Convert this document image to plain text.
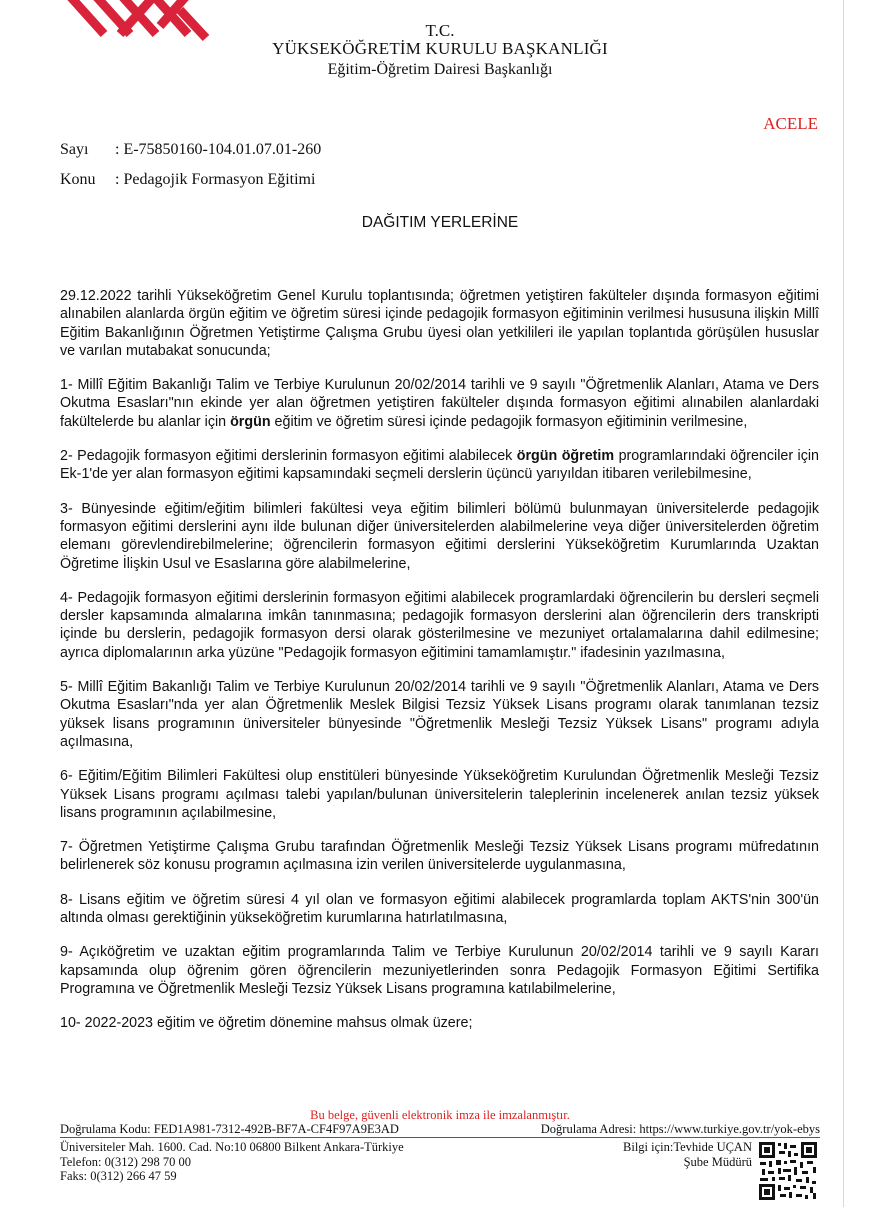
T.C.
YÜKSEKÖĞRETİM KURULU BAŞKANLIĞI
Eğitim-Öğretim Dairesi Başkanlığı
ACELE
Sayı : E-75850160-104.01.07.01-260
Konu : Pedagojik Formasyon Eğitimi
DAĞITIM YERLERİNE

29.12.2022 tarihli Yükseköğretim Genel Kurulu toplantısında; öğretmen yetiştiren fakülteler dışında formasyon eğitimi alınabilen alanlarda örgün eğitim ve öğretim süresi içinde pedagojik formasyon eğitiminin verilmesi hususuna ilişkin Millî Eğitim Bakanlığının Öğretmen Yetiştirme Çalışma Grubu üyesi olan yetkilileri ile yapılan toplantıda görüşülen hususlar ve varılan mutabakat sonucunda;

1- Millî Eğitim Bakanlığı Talim ve Terbiye Kurulunun 20/02/2014 tarihli ve 9 sayılı "Öğretmenlik Alanları, Atama ve Ders Okutma Esasları"nın ekinde yer alan öğretmen yetiştiren fakülteler dışında formasyon eğitimi alınabilen alanlardaki fakültelerde bu alanlar için örgün eğitim ve öğretim süresi içinde pedagojik formasyon eğitiminin verilmesine,

2- Pedagojik formasyon eğitimi derslerinin formasyon eğitimi alabilecek örgün öğretim programlarındaki öğrenciler için Ek-1'de yer alan formasyon eğitimi kapsamındaki seçmeli derslerin üçüncü yarıyıldan itibaren verilebilmesine,

3- Bünyesinde eğitim/eğitim bilimleri fakültesi veya eğitim bilimleri bölümü bulunmayan üniversitelerde pedagojik formasyon eğitimi derslerini aynı ilde bulunan diğer üniversitelerden alabilmelerine veya diğer üniversitelerden öğretim elemanı görevlendirebilmelerine; öğrencilerin formasyon eğitimi derslerini Yükseköğretim Kurumlarında Uzaktan Öğretime İlişkin Usul ve Esaslarına göre alabilmelerine,

4- Pedagojik formasyon eğitimi derslerinin formasyon eğitimi alabilecek programlardaki öğrencilerin bu dersleri seçmeli dersler kapsamında almalarına imkân tanınmasına; pedagojik formasyon derslerini alan öğrencilerin ders transkripti içinde bu derslerin, pedagojik formasyon dersi olarak gösterilmesine ve mezuniyet ortalamalarına dahil edilmesine; ayrıca diplomalarının arka yüzüne "Pedagojik formasyon eğitimini tamamlamıştır." ifadesinin yazılmasına,

5- Millî Eğitim Bakanlığı Talim ve Terbiye Kurulunun 20/02/2014 tarihli ve 9 sayılı "Öğretmenlik Alanları, Atama ve Ders Okutma Esasları"nda yer alan Öğretmenlik Meslek Bilgisi Tezsiz Yüksek Lisans programı olarak tanımlanan tezsiz yüksek lisans programının üniversiteler bünyesinde "Öğretmenlik Mesleği Tezsiz Yüksek Lisans" programı adıyla açılmasına,

6- Eğitim/Eğitim Bilimleri Fakültesi olup enstitüleri bünyesinde Yükseköğretim Kurulundan Öğretmenlik Mesleği Tezsiz Yüksek Lisans programı açılması talebi yapılan/bulunan üniversitelerin taleplerinin incelenerek anılan tezsiz yüksek lisans programının açılabilmesine,

7- Öğretmen Yetiştirme Çalışma Grubu tarafından Öğretmenlik Mesleği Tezsiz Yüksek Lisans programı müfredatının belirlenerek söz konusu programın açılmasına izin verilen üniversitelerde uygulanmasına,

8- Lisans eğitim ve öğretim süresi 4 yıl olan ve formasyon eğitimi alabilecek programlarda toplam AKTS'nin 300'ün altında olması gerektiğinin yükseköğretim kurumlarına hatırlatılmasına,

9- Açıköğretim ve uzaktan eğitim programlarında Talim ve Terbiye Kurulunun 20/02/2014 tarihli ve 9 sayılı Kararı kapsamında olup öğrenim gören öğrencilerin mezuniyetlerinden sonra Pedagojik Formasyon Eğitimi Sertifika Programına ve Öğretmenlik Mesleği Tezsiz Yüksek Lisans programına katılabilmelerine,

10- 2022-2023 eğitim ve öğretim dönemine mahsus olmak üzere;

Bu belge, güvenli elektronik imza ile imzalanmıştır.
Doğrulama Kodu: FED1A981-7312-492B-BF7A-CF4F97A9E3AD	Doğrulama Adresi: https://www.turkiye.gov.tr/yok-ebys
Üniversiteler Mah. 1600. Cad. No:10 06800 Bilkent Ankara-Türkiye
Telefon: 0(312) 298 70 00
Faks: 0(312) 266 47 59
Bilgi için:Tevhide UÇAN
Şube Müdürü
